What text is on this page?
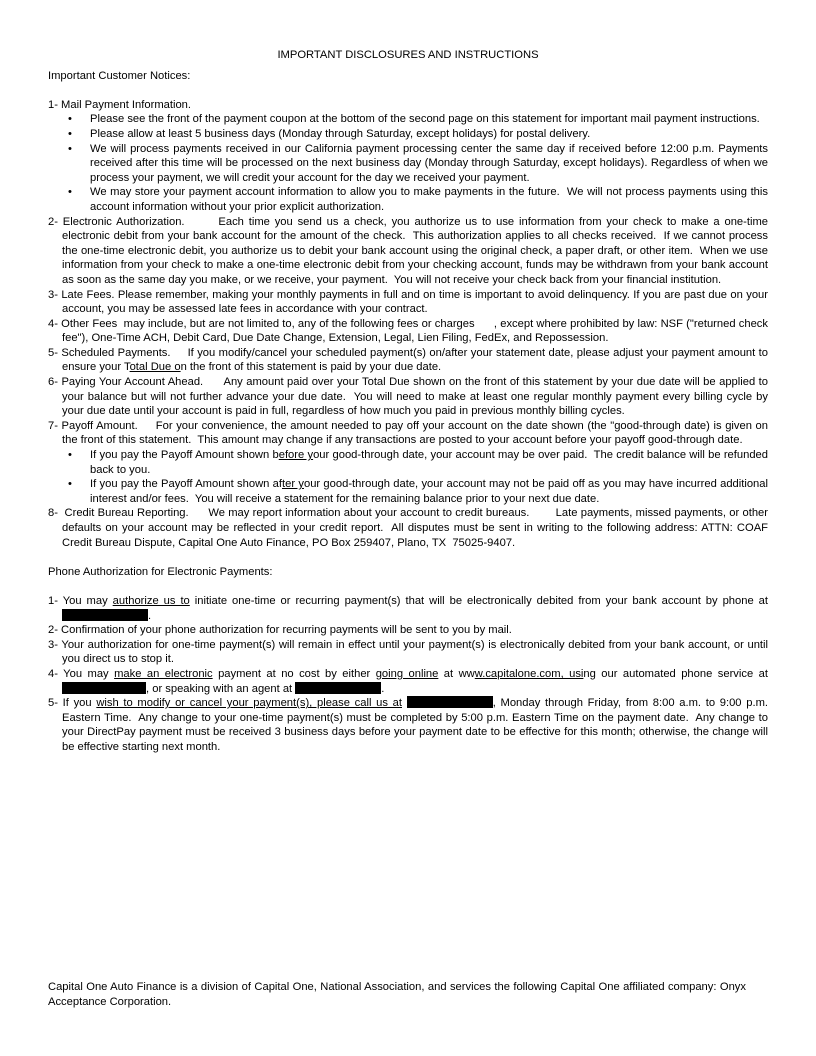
IMPORTANT DISCLOSURES AND INSTRUCTIONS
Important Customer Notices:
1- Mail Payment Information.
• Please see the front of the payment coupon at the bottom of the second page on this statement for important mail payment instructions.
• Please allow at least 5 business days (Monday through Saturday, except holidays) for postal delivery.
• We will process payments received in our California payment processing center the same day if received before 12:00 p.m. Payments received after this time will be processed on the next business day (Monday through Saturday, except holidays). Regardless of when we process your payment, we will credit your account for the day we received your payment.
• We may store your payment account information to allow you to make payments in the future.  We will not process payments using this account information without your prior explicit authorization.
2- Electronic Authorization.       Each time you send us a check, you authorize us to use information from your check to make a one-time electronic debit from your bank account for the amount of the check.  This authorization applies to all checks received.  If we cannot process the one-time electronic debit, you authorize us to debit your bank account using the original check, a paper draft, or other item.  When we use information from your check to make a one-time electronic debit from your checking account, funds may be withdrawn from your bank account as soon as the same day you make, or we receive, your payment.  You will not receive your check back from your financial institution.
3- Late Fees. Please remember, making your monthly payments in full and on time is important to avoid delinquency. If you are past due on your account, you may be assessed late fees in accordance with your contract.
4- Other Fees  may include, but are not limited to, any of the following fees or charges      , except where prohibited by law: NSF ("returned check fee"), One-Time ACH, Debit Card, Due Date Change, Extension, Legal, Lien Filing, FedEx, and Repossession.
5- Scheduled Payments.     If you modify/cancel your scheduled payment(s) on/after your statement date, please adjust your payment amount to ensure your Total Due on the front of this statement is paid by your due date.
6- Paying Your Account Ahead.      Any amount paid over your Total Due shown on the front of this statement by your due date will be applied to your balance but will not further advance your due date.  You will need to make at least one regular monthly payment every billing cycle by your due date until your account is paid in full, regardless of how much you paid in previous monthly billing cycles.
7- Payoff Amount.     For your convenience, the amount needed to pay off your account on the date shown (the "good-through date) is given on the front of this statement.  This amount may change if any transactions are posted to your account before your payoff good-through date.
• If you pay the Payoff Amount shown before your good-through date, your account may be over paid.  The credit balance will be refunded back to you.
• If you pay the Payoff Amount shown after your good-through date, your account may not be paid off as you may have incurred additional interest and/or fees.  You will receive a statement for the remaining balance prior to your next due date.
8-  Credit Bureau Reporting.      We may report information about your account to credit bureaus.        Late payments, missed payments, or other defaults on your account may be reflected in your credit report.  All disputes must be sent in writing to the following address: ATTN: COAF Credit Bureau Dispute, Capital One Auto Finance, PO Box 259407, Plano, TX  75025-9407.
Phone Authorization for Electronic Payments:
1- You may authorize us to initiate one-time or recurring payment(s) that will be electronically debited from your bank account by phone at .
2- Confirmation of your phone authorization for recurring payments will be sent to you by mail.
3- Your authorization for one-time payment(s) will remain in effect until your payment(s) is electronically debited from your bank account, or until you direct us to stop it.
4- You may make an electronic payment at no cost by either going online at www.capitalone.com, using our automated phone service at , or speaking with an agent at	.
5- If you wish to modify or cancel your payment(s), please call us at	, Monday through Friday, from 8:00 a.m. to 9:00 p.m. Eastern Time.  Any change to your one-time payment(s) must be completed by 5:00 p.m. Eastern Time on the payment date.  Any change to your DirectPay payment must be received 3 business days before your payment date to be effective for this month; otherwise, the change will be effective starting next month.
Capital One Auto Finance is a division of Capital One, National Association, and services the following Capital One affiliated company: Onyx Acceptance Corporation.
